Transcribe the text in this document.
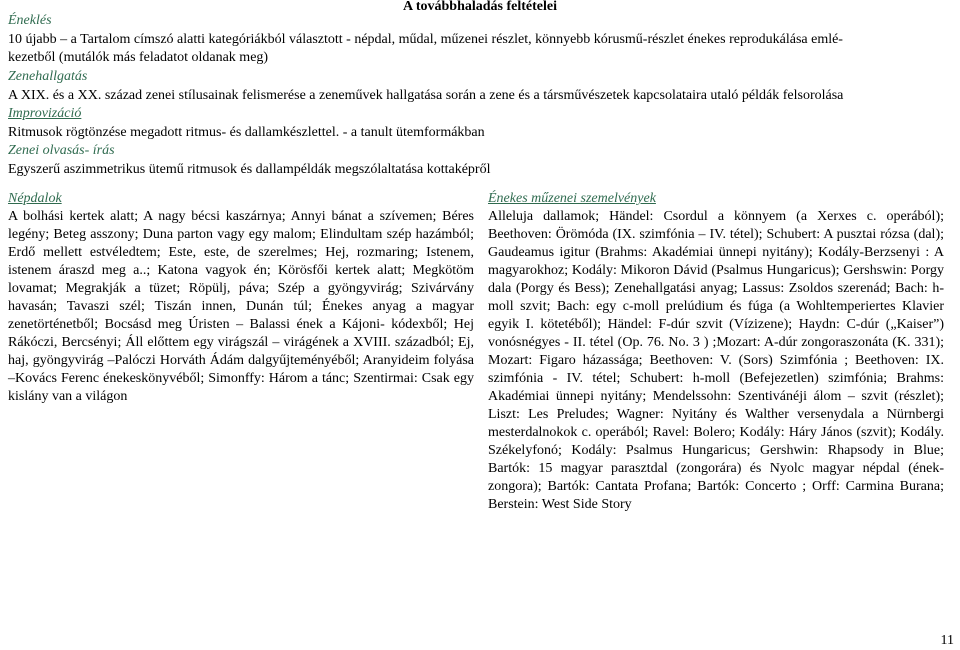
A továbbhaladás feltételei
Éneklés
10 újabb – a Tartalom címszó alatti kategóriákból választott - népdal, műdal, műzenei részlet, könnyebb kórusmű-részlet énekes reprodukálása emlé-
kezetből (mutálók más feladatot oldanak meg)
Zenehallgatás
A XIX. és a XX. század zenei stílusainak felismerése a zeneművek hallgatása során a zene és a társművészetek kapcsolataira utaló példák felsorolása
Improvizáció
Ritmusok rögtönzése megadott ritmus- és dallamkészlettel. - a tanult ütemformákban
Zenei olvasás- írás
Egyszerű aszimmetrikus ütemű ritmusok és dallampéldák megszólaltatása kottaképről
Népdalok
A bolhási kertek alatt; A nagy bécsi kaszárnya; Annyi bánat a szívemen; Béres legény; Beteg asszony; Duna parton vagy egy malom; Elindultam szép hazámból; Erdő mellett estvéledtem; Este, este, de szerelmes; Hej, rozmaring; Istenem, istenem áraszd meg a..; Katona vagyok én; Körösfői kertek alatt; Megkötöm lovamat; Megrakják a tüzet; Röpülj, páva; Szép a gyöngyvirág; Szivárvány havasán; Tavaszi szél; Tiszán innen, Dunán túl; Énekes anyag a magyar zenetörténetből; Bocsásd meg Úristen – Balassi ének a Kájoni- kódexből; Hej Rákóczi, Bercsényi; Áll előttem egy virágszál – virágének a XVIII. századból; Ej, haj, gyöngyvirág –Palóczi Horváth Ádám dalgyűjteményéből; Aranyideim folyása –Kovács Ferenc énekeskönyvéből; Simonffy: Három a tánc; Szentirmai: Csak egy kislány van a világon
Énekes műzenei szemelvények
Alleluja dallamok; Händel: Csordul a könnyem (a Xerxes c. operából); Beethoven: Örömóda (IX. szimfónia – IV. tétel); Schubert: A pusztai rózsa (dal); Gaudeamus igitur (Brahms: Akadémiai ünnepi nyitány); Kodály-Berzsenyi : A magyarokhoz; Kodály: Mikoron Dávid (Psalmus Hungaricus); Gershswin: Porgy dala (Porgy és Bess); Zenehallgatási anyag; Lassus: Zsoldos szerenád; Bach: h-moll szvit; Bach: egy c-moll prelúdium és fúga (a Wohltemperiertes Klavier egyik I. kötetéből); Händel: F-dúr szvit (Vízizene); Haydn: C-dúr („Kaiser”) vonósnégyes - II. tétel (Op. 76. No. 3 ) ;Mozart: A-dúr zongoraszonáta (K. 331); Mozart: Figaro házassága; Beethoven: V. (Sors) Szimfónia ; Beethoven: IX. szimfónia - IV. tétel; Schubert: h-moll (Befejezetlen) szimfónia; Brahms: Akadémiai ünnepi nyitány; Mendelssohn: Szentivánéji álom – szvit (részlet); Liszt: Les Preludes; Wagner: Nyitány és Walther versenydala a Nürnbergi mesterdalnokok c. operából; Ravel: Bolero; Kodály: Háry János (szvit); Kodály. Székelyfonó; Kodály: Psalmus Hungaricus; Gershwin: Rhapsody in Blue; Bartók: 15 magyar parasztdal (zongorára) és Nyolc magyar népdal (ének-zongora); Bartók: Cantata Profana; Bartók: Concerto ; Orff: Carmina Burana; Berstein: West Side Story
11
